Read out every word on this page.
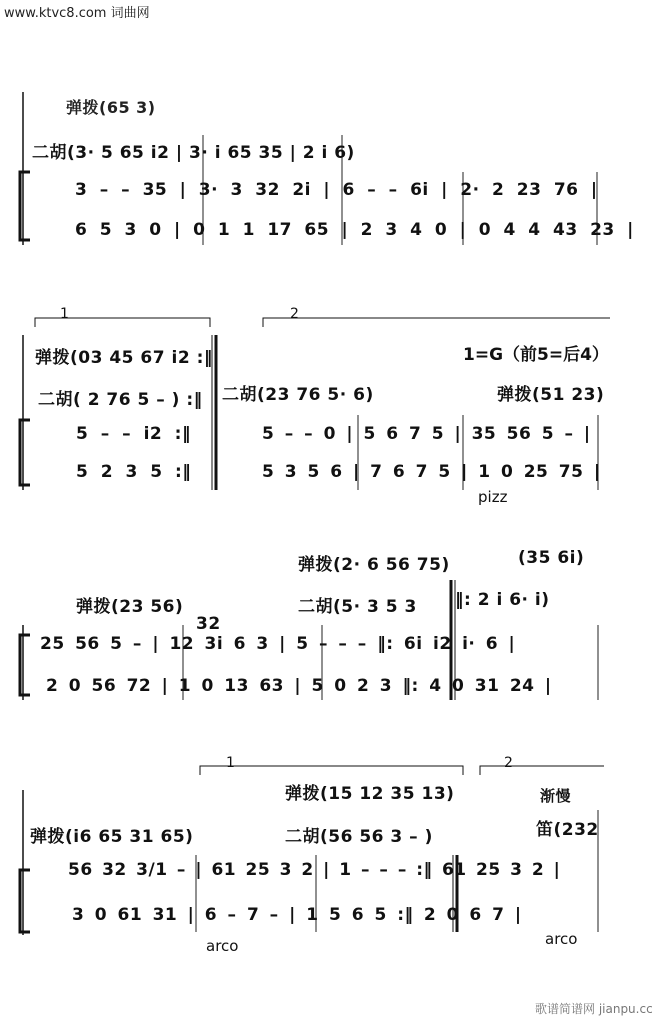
www.ktvc8.com 词曲网
弹拨(65 3)
二胡(3· 5 65 i2 | 3· i 65 35 | 2 i 6)
3 – – 35 | 3· 3 32 2i | 6 – – 6i | 2· 2 23 76 |
6 5 3 0 | 0 1 1 17 65 | 2 3 4 0 | 0 4 4 43 23 |
1	2
1=G（前5=后4）
弹拨(03 45 67 i2 :‖
二胡( 2 76 5 – ) :‖ 二胡(23 76 5· 6)	弹拨(51 23)
5 – – i2 :‖	5 – – 0 | 5 6 7 5 | 35 56 5 – |
5 2 3 5 :‖	5 3 5 6 | 7 6 7 5 | 1 0 25 75 |
pizz
弹拨(2· 6 56 75)	(35 6i)
弹拨(23 56)	二胡(5· 3 5 3 ‖: 2 i 6· i)
32
25 56 5 – | 12 3i 6 3 | 5 – – – ‖: 6i i2 i· 6 |
2 0 56 72 | 1 0 13 63 | 5 0 2 3 ‖: 4 0 31 24 |
1	2
渐慢
弹拨(15 12 35 13)
弹拨(i6 65 31 65)	二胡(56 56 3 – )	笛(232
56 32 3/1 – | 61 25 3 2 | 1 – – – :‖ 61 25 3 2 |
3 0 61 31 | 6 – 7 – | 1 5 6 5 :‖ 2 0 6 7 |
arco	arco
歌谱简谱网 jianpu.cc
